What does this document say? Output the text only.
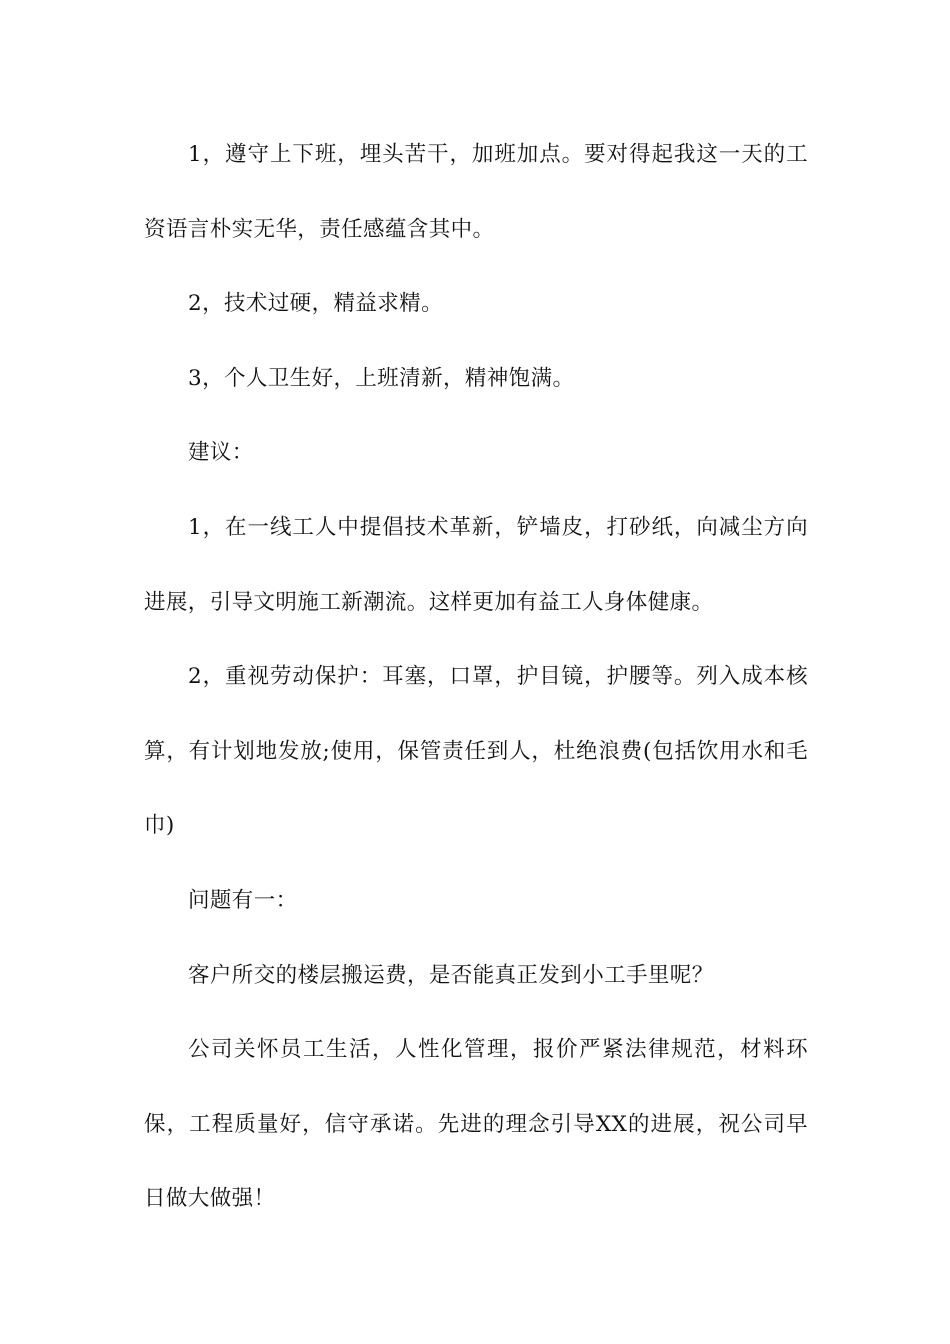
1，遵守上下班，埋头苦干，加班加点。要对得起我这一天的工资语言朴实无华，责任感蕴含其中。

2，技术过硬，精益求精。

3，个人卫生好，上班清新，精神饱满。

建议：

1，在一线工人中提倡技术革新，铲墙皮，打砂纸，向减尘方向进展，引导文明施工新潮流。这样更加有益工人身体健康。

2，重视劳动保护：耳塞，口罩，护目镜，护腰等。列入成本核算，有计划地发放;使用，保管责任到人，杜绝浪费(包括饮用水和毛巾)

问题有一：

客户所交的楼层搬运费，是否能真正发到小工手里呢？

公司关怀员工生活，人性化管理，报价严紧法律规范，材料环保，工程质量好，信守承诺。先进的理念引导XX的进展，祝公司早日做大做强！
